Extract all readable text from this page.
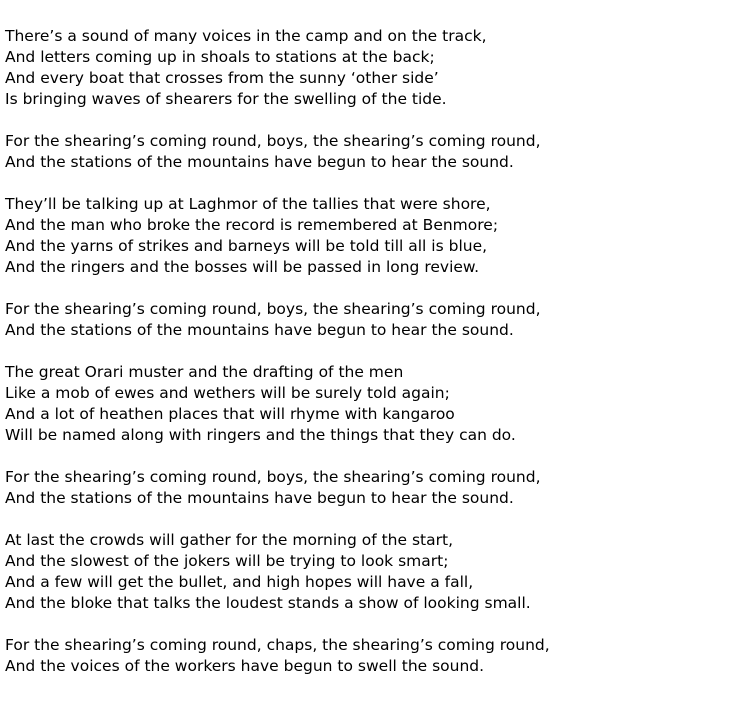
There’s a sound of many voices in the camp and on the track,
And letters coming up in shoals to stations at the back;
And every boat that crosses from the sunny ‘other side’
Is bringing waves of shearers for the swelling of the tide.
For the shearing’s coming round, boys, the shearing’s coming round,
And the stations of the mountains have begun to hear the sound.
They’ll be talking up at Laghmor of the tallies that were shore,
And the man who broke the record is remembered at Benmore;
And the yarns of strikes and barneys will be told till all is blue,
And the ringers and the bosses will be passed in long review.
For the shearing’s coming round, boys, the shearing’s coming round,
And the stations of the mountains have begun to hear the sound.
The great Orari muster and the drafting of the men
Like a mob of ewes and wethers will be surely told again;
And a lot of heathen places that will rhyme with kangaroo
Will be named along with ringers and the things that they can do.
For the shearing’s coming round, boys, the shearing’s coming round,
And the stations of the mountains have begun to hear the sound.
At last the crowds will gather for the morning of the start,
And the slowest of the jokers will be trying to look smart;
And a few will get the bullet, and high hopes will have a fall,
And the bloke that talks the loudest stands a show of looking small.
For the shearing’s coming round, chaps, the shearing’s coming round,
And the voices of the workers have begun to swell the sound.
